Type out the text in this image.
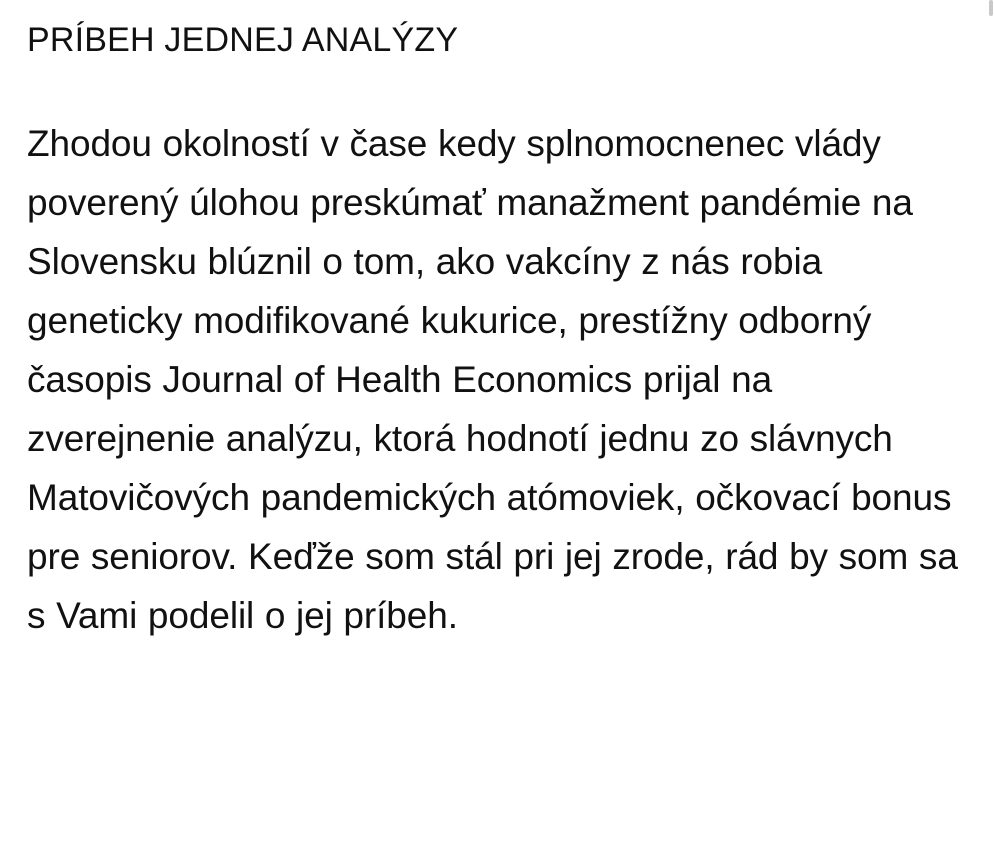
PRÍBEH JEDNEJ ANALÝZY

Zhodou okolností v čase kedy splnomocnenec vlády poverený úlohou preskúmať manažment pandémie na Slovensku blúznil o tom, ako vakcíny z nás robia geneticky modifikované kukurice, prestížny odborný časopis Journal of Health Economics prijal na zverejnenie analýzu, ktorá hodnotí jednu zo slávnych Matovičových pandemických atómoviek, očkovací bonus pre seniorov. Keďže som stál pri jej zrode, rád by som sa s Vami podelil o jej príbeh.
